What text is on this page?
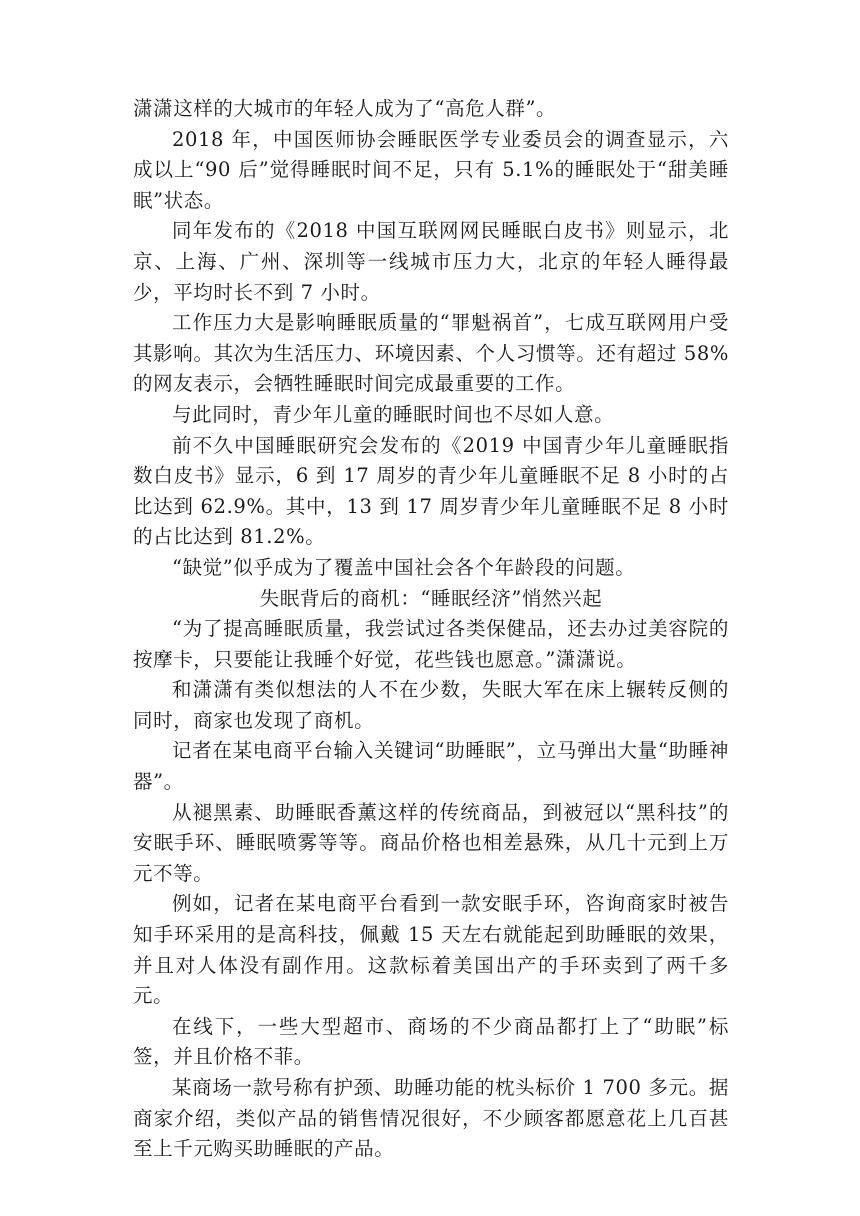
潇潇这样的大城市的年轻人成为了“高危人群”。

2018 年，中国医师协会睡眠医学专业委员会的调查显示，六成以上“90 后”觉得睡眠时间不足，只有 5.1%的睡眠处于“甜美睡眠”状态。

同年发布的《2018 中国互联网网民睡眠白皮书》则显示，北京、上海、广州、深圳等一线城市压力大，北京的年轻人睡得最少，平均时长不到 7 小时。

工作压力大是影响睡眠质量的“罪魁祸首”，七成互联网用户受其影响。其次为生活压力、环境因素、个人习惯等。还有超过 58%的网友表示，会牺牲睡眠时间完成最重要的工作。

与此同时，青少年儿童的睡眠时间也不尽如人意。

前不久中国睡眠研究会发布的《2019 中国青少年儿童睡眠指数白皮书》显示，6 到 17 周岁的青少年儿童睡眠不足 8 小时的占比达到 62.9%。其中，13 到 17 周岁青少年儿童睡眠不足 8 小时的占比达到 81.2%。

“缺觉”似乎成为了覆盖中国社会各个年龄段的问题。

失眠背后的商机：“睡眠经济”悄然兴起

“为了提高睡眠质量，我尝试过各类保健品，还去办过美容院的按摩卡，只要能让我睡个好觉，花些钱也愿意。”潇潇说。

和潇潇有类似想法的人不在少数，失眠大军在床上辗转反侧的同时，商家也发现了商机。

记者在某电商平台输入关键词“助睡眠”，立马弹出大量“助睡神器”。

从褪黑素、助睡眠香薰这样的传统商品，到被冠以“黑科技”的安眠手环、睡眠喷雾等等。商品价格也相差悬殊，从几十元到上万元不等。

例如，记者在某电商平台看到一款安眠手环，咨询商家时被告知手环采用的是高科技，佩戴 15 天左右就能起到助睡眠的效果，并且对人体没有副作用。这款标着美国出产的手环卖到了两千多元。

在线下，一些大型超市、商场的不少商品都打上了“助眠”标签，并且价格不菲。

某商场一款号称有护颈、助睡功能的枕头标价 1 700 多元。据商家介绍，类似产品的销售情况很好，不少顾客都愿意花上几百甚至上千元购买助睡眠的产品。
